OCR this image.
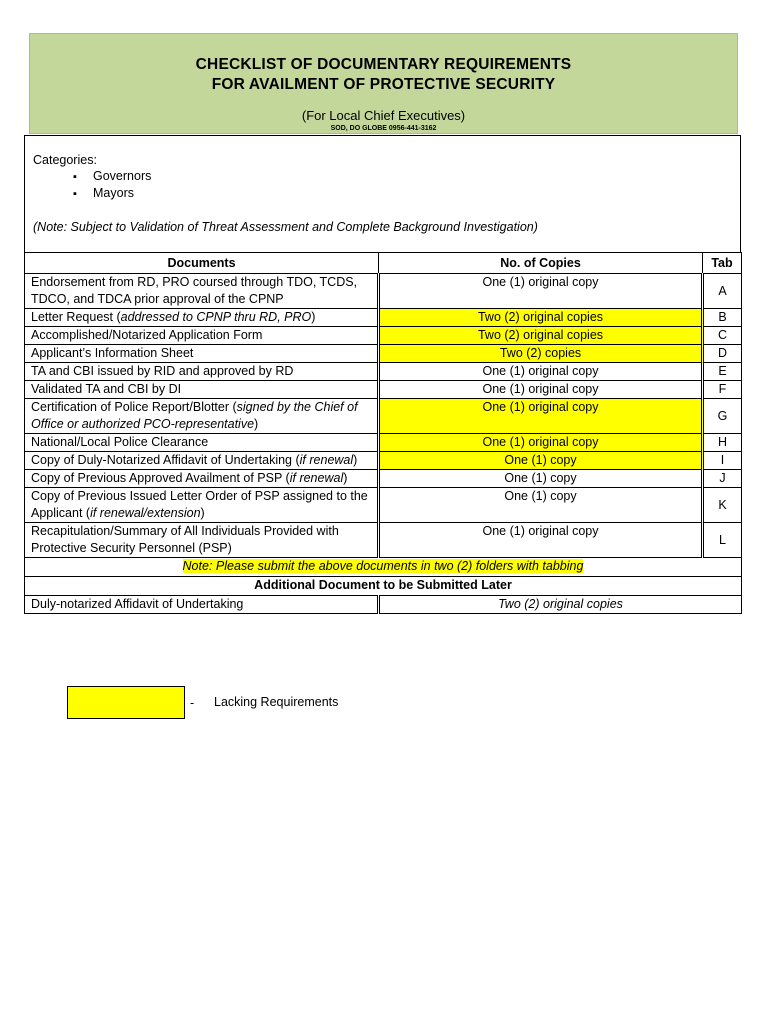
CHECKLIST OF DOCUMENTARY REQUIREMENTS
FOR AVAILMENT OF PROTECTIVE SECURITY
(For Local Chief Executives)
SOD, DO GLOBE 0956-441-3162
Categories:
▪ Governors
▪ Mayors
(Note: Subject to Validation of Threat Assessment and Complete Background Investigation)
Documents	No. of Copies	Tab
Endorsement from RD, PRO coursed through TDO, TCDS, TDCO, and TDCA prior approval of the CPNP	One (1) original copy	A
Letter Request (addressed to CPNP thru RD, PRO)	Two (2) original copies	B
Accomplished/Notarized Application Form	Two (2) original copies	C
Applicant’s Information Sheet	Two (2) copies	D
TA and CBI issued by RID and approved by RD	One (1) original copy	E
Validated TA and CBI by DI	One (1) original copy	F
Certification of Police Report/Blotter (signed by the Chief of Office or authorized PCO-representative)	One (1) original copy	G
National/Local Police Clearance	One (1) original copy	H
Copy of Duly-Notarized Affidavit of Undertaking (if renewal)	One (1) copy	I
Copy of Previous Approved Availment of PSP (if renewal)	One (1) copy	J
Copy of Previous Issued Letter Order of PSP assigned to the Applicant (if renewal/extension)	One (1) copy	K
Recapitulation/Summary of All Individuals Provided with Protective Security Personnel (PSP)	One (1) original copy	L
Note: Please submit the above documents in two (2) folders with tabbing		
Additional Document to be Submitted Later		
Duly-notarized Affidavit of Undertaking	Two (2) original copies	
- Lacking Requirements
